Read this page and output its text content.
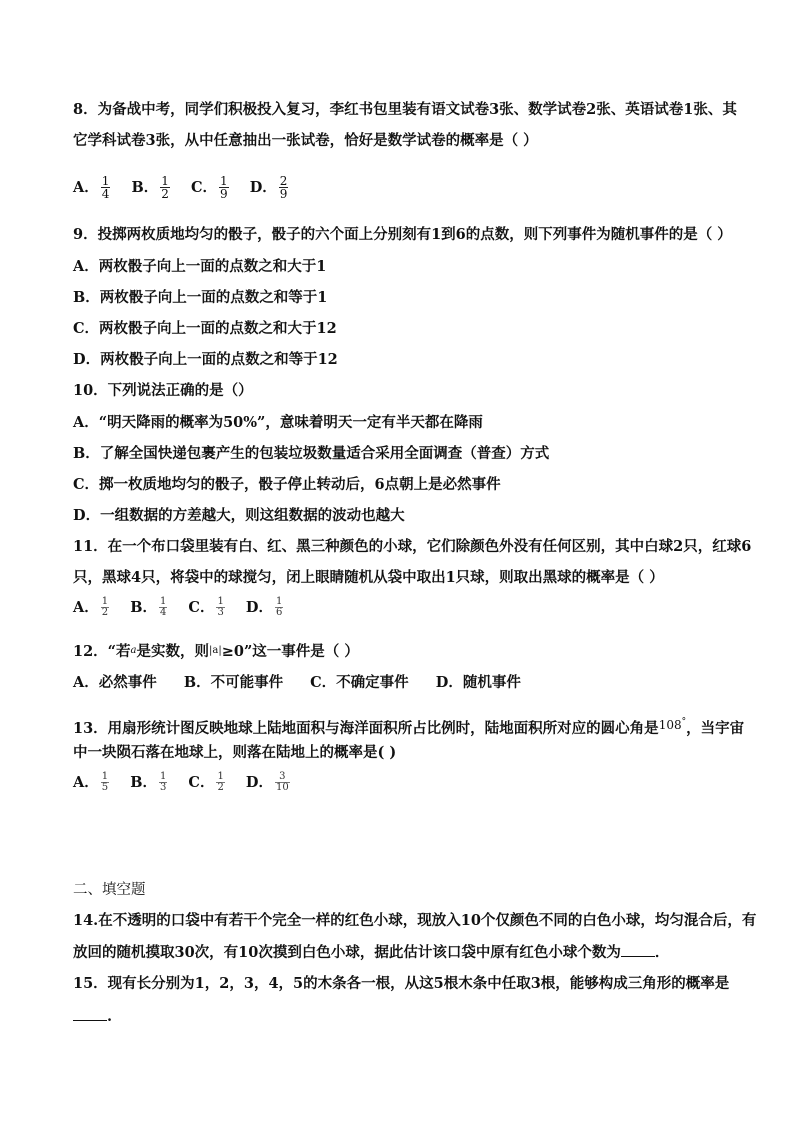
8．为备战中考，同学们积极投入复习，李红书包里装有语文试卷3张、数学试卷2张、英语试卷1张、其
它学科试卷3张，从中任意抽出一张试卷，恰好是数学试卷的概率是（ ）
A． $\frac{1}{4}$ B． $\frac{1}{2}$ C． $\frac{1}{9}$ D． $\frac{2}{9}$
9．投掷两枚质地均匀的骰子，骰子的六个面上分别刻有1到6的点数，则下列事件为随机事件的是（ ）
A．两枚骰子向上一面的点数之和大于1
B．两枚骰子向上一面的点数之和等于1
C．两枚骰子向上一面的点数之和大于12
D．两枚骰子向上一面的点数之和等于12
10．下列说法正确的是（）
A．“明天降雨的概率为50%”，意味着明天一定有半天都在降雨
B．了解全国快递包裹产生的包装垃圾数量适合采用全面调查（普查）方式
C．掷一枚质地均匀的骰子，骰子停止转动后，6点朝上是必然事件
D．一组数据的方差越大，则这组数据的波动也越大
11．在一个布口袋里装有白、红、黑三种颜色的小球，它们除颜色外没有任何区别，其中白球2只，红球6
只，黑球4只，将袋中的球搅匀，闭上眼睛随机从袋中取出1只球，则取出黑球的概率是（ ）
A． $\frac{1}{2}$ B． $\frac{1}{4}$ C． $\frac{1}{3}$ D． $\frac{1}{6}$
12．“若$^a$是实数，则$^{|a|}$≥0”这一事件是（ ）
A．必然事件 B．不可能事件 C．不确定事件 D．随机事件
13．用扇形统计图反映地球上陆地面积与海洋面积所占比例时，陆地面积所对应的圆心角是$^{108^\circ}$，当宇宙
中一块陨石落在地球上，则落在陆地上的概率是( )
A． $\frac{1}{5}$ B． $\frac{1}{3}$ C． $\frac{1}{2}$ D． $\frac{3}{10}$
二、填空题
14.在不透明的口袋中有若干个完全一样的红色小球，现放入10个仅颜色不同的白色小球，均匀混合后，有
放回的随机摸取30次，有10次摸到白色小球，据此估计该口袋中原有红色小球个数为 ．
15．现有长分别为1，2，3，4，5的木条各一根，从这5根木条中任取3根，能够构成三角形的概率是
.
